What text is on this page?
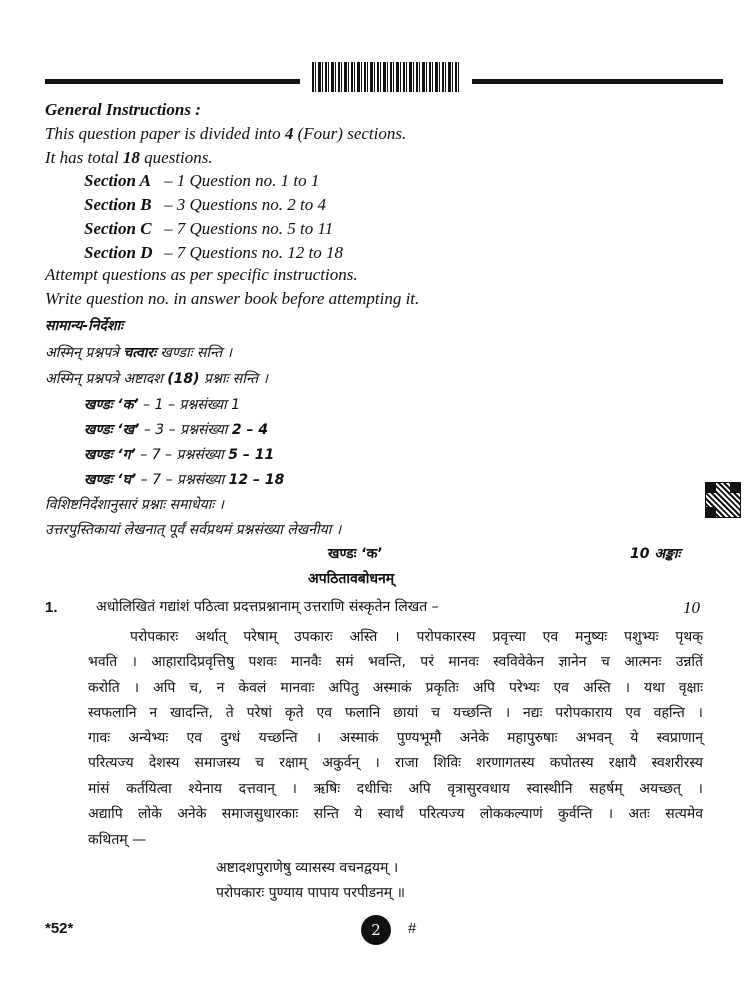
General Instructions :
This question paper is divided into 4 (Four) sections.
It has total 18 questions.
Section A – 1 Question no. 1 to 1
Section B – 3 Questions no. 2 to 4
Section C – 7 Questions no. 5 to 11
Section D – 7 Questions no. 12 to 18
Attempt questions as per specific instructions.
Write question no. in answer book before attempting it.
सामान्य-निर्देशाः
अस्मिन् प्रश्नपत्रे चत्वारः खण्डाः सन्ति ।
अस्मिन् प्रश्नपत्रे अष्टादश (18) प्रश्नाः सन्ति ।
खण्डः ‘क’ – 1 – प्रश्नसंख्या 1
खण्डः ‘ख’ – 3 – प्रश्नसंख्या 2 – 4
खण्डः ‘ग’ – 7 – प्रश्नसंख्या 5 – 11
खण्डः ‘घ’ – 7 – प्रश्नसंख्या 12 – 18
विशिष्टनिर्देशानुसारं प्रश्नाः समाधेयाः ।
उत्तरपुस्तिकायां लेखनात् पूर्वं सर्वप्रथमं प्रश्नसंख्या लेखनीया ।
खण्डः ‘क’	10 अङ्काः
अपठितावबोधनम्
1.	अधोलिखितं गद्यांशं पठित्वा प्रदत्तप्रश्नानाम् उत्तराणि संस्कृतेन लिखत –	10
परोपकारः अर्थात् परेषाम् उपकारः अस्ति । परोपकारस्य प्रवृत्त्या एव मनुष्यः पशुभ्यः पृथक्
भवति । आहारादिप्रवृत्तिषु पशवः मानवैः समं भवन्ति, परं मानवः स्वविवेकेन ज्ञानेन च आत्मनः उन्नतिं
करोति । अपि च, न केवलं मानवाः अपितु अस्माकं प्रकृतिः अपि परेभ्यः एव अस्ति । यथा वृक्षाः
स्वफलानि न खादन्ति, ते परेषां कृते एव फलानि छायां च यच्छन्ति । नद्यः परोपकाराय एव वहन्ति ।
गावः अन्येभ्यः एव दुग्धं यच्छन्ति । अस्माकं पुण्यभूमौ अनेके महापुरुषाः अभवन् ये स्वप्राणान्
परित्यज्य देशस्य समाजस्य च रक्षाम् अकुर्वन् । राजा शिविः शरणागतस्य कपोतस्य रक्षायै स्वशरीरस्य
मांसं कर्तयित्वा श्येनाय दत्तवान् । ऋषिः दधीचिः अपि वृत्रासुरवधाय स्वास्थीनि सहर्षम् अयच्छत् ।
अद्यापि लोके अनेके समाजसुधारकाः सन्ति ये स्वार्थं परित्यज्य लोककल्याणं कुर्वन्ति । अतः सत्यमेव
कथितम् —
अष्टादशपुराणेषु व्यासस्य वचनद्वयम् ।
परोपकारः पुण्याय पापाय परपीडनम् ॥
*52*	2	#
